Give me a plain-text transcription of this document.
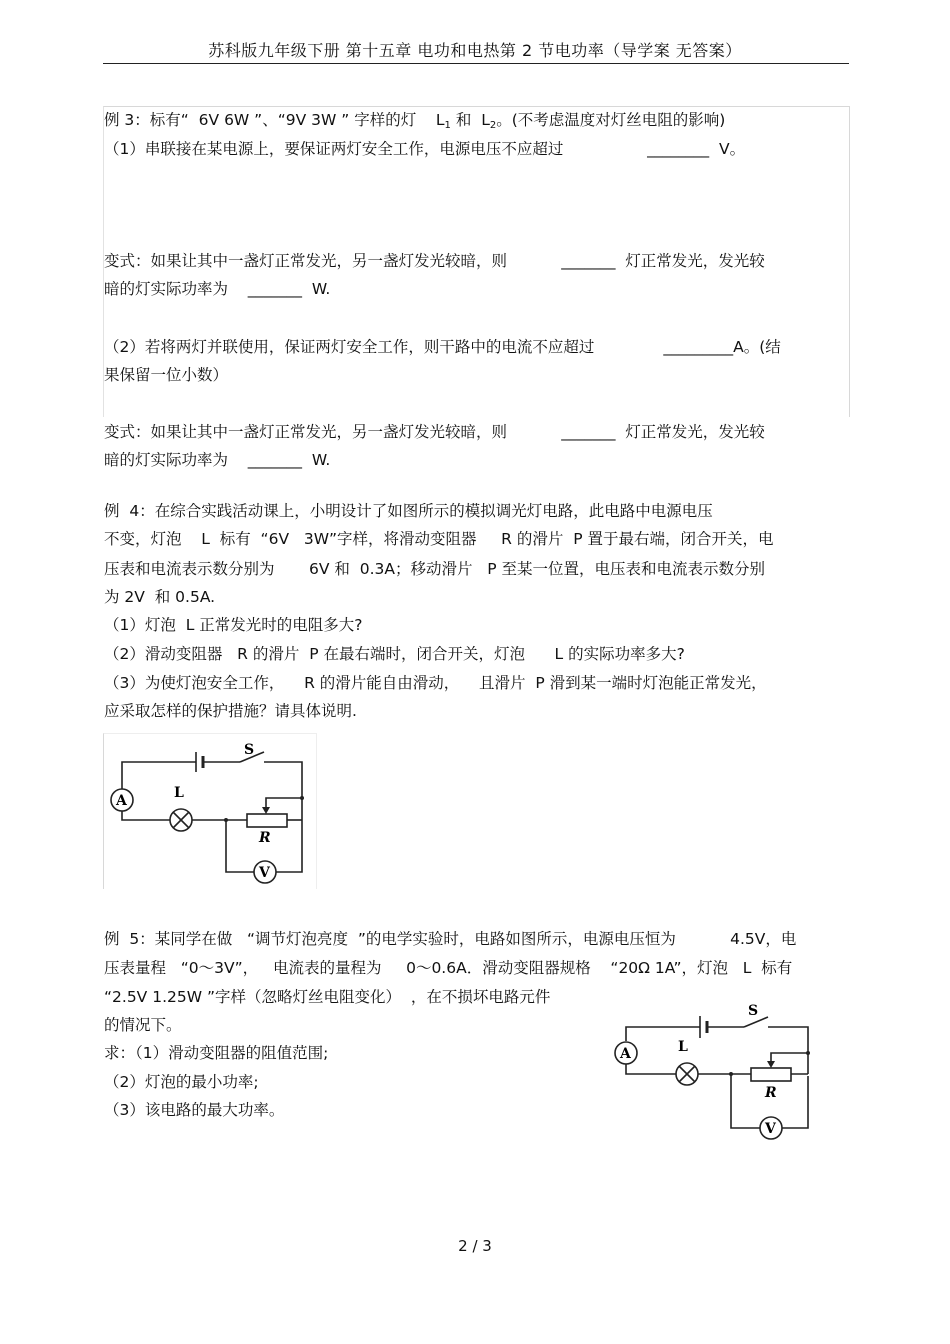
苏科版九年级下册 第十五章 电功和电热第 2 节电功率（导学案 无答案）
例 3：标有“  6V 6W ”、“9V 3W ” 字样的灯    $L_1$ 和  $L_2$。(不考虑温度对灯丝电阻的影响)
（1）串联接在某电源上，要保证两灯安全工作，电源电压不应超过                 ________  V。
变式：如果让其中一盏灯正常发光，另一盏灯发光较暗，则           _______  灯正常发光，发光较
暗的灯实际功率为    _______  W.
（2）若将两灯并联使用，保证两灯安全工作，则干路中的电流不应超过              _________A。(结
果保留一位小数）
变式：如果让其中一盏灯正常发光，另一盏灯发光较暗，则           _______  灯正常发光，发光较
暗的灯实际功率为    _______  W.
例  4：在综合实践活动课上，小明设计了如图所示的模拟调光灯电路，此电路中电源电压
不变，灯泡    L  标有  “6V   3W”字样，将滑动变阻器     R 的滑片  P 置于最右端，闭合开关，电
压表和电流表示数分别为       6V 和  0.3A；移动滑片   P 至某一位置，电压表和电流表示数分别
为 2V  和 0.5A.
（1）灯泡  L 正常发光时的电阻多大?
（2）滑动变阻器   R 的滑片  P 在最右端时，闭合开关，灯泡      L 的实际功率多大?
（3）为使灯泡安全工作，    R 的滑片能自由滑动，    且滑片  P 滑到某一端时灯泡能正常发光，
应采取怎样的保护措施？请具体说明.
S
L
A
R
V
例  5：某同学在做   “调节灯泡亮度  ”的电学实验时，电路如图所示，电源电压恒为           4.5V，电
压表量程   “0～3V”，   电流表的量程为     0～0.6A．滑动变阻器规格    “20Ω 1A”，灯泡   L  标有
“2.5V 1.25W ”字样（忽略灯丝电阻变化）  ，在不损坏电路元件
的情况下。
求：（1）滑动变阻器的阻值范围;
（2）灯泡的最小功率;
（3）该电路的最大功率。
S
L
A
R
V
2 / 3
